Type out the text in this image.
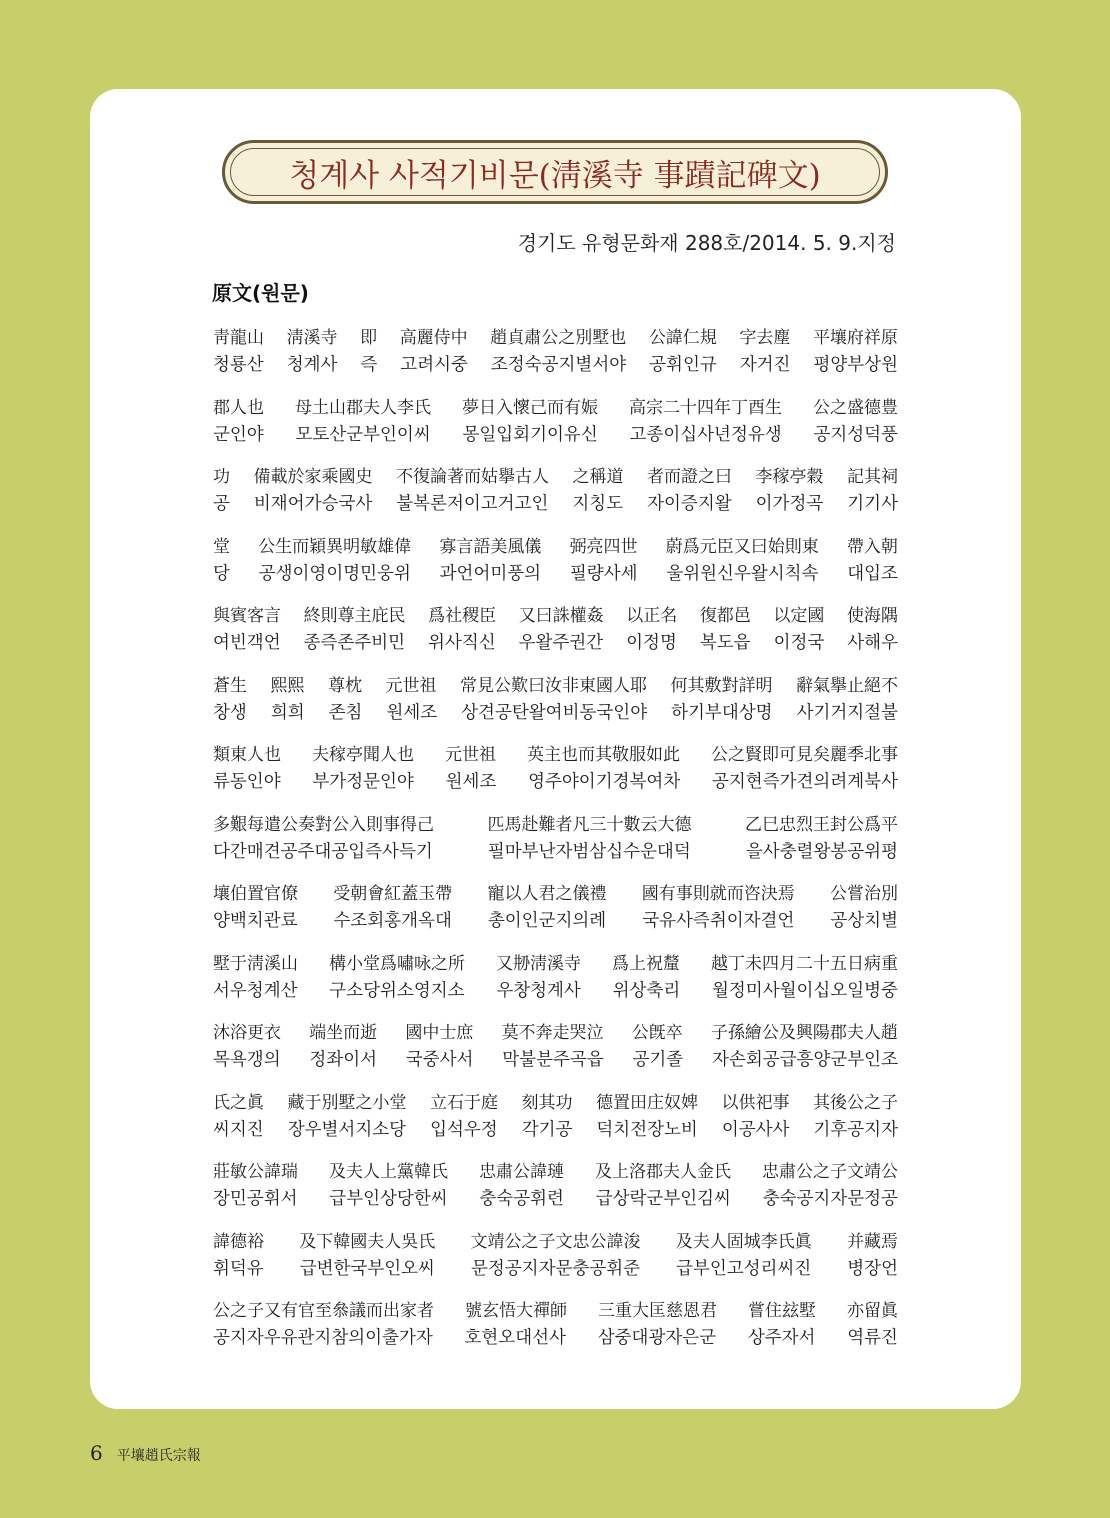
청계사 사적기비문(淸溪寺 事蹟記碑文)
경기도 유형문화재 288호/2014. 5. 9.지정
原文(원문)
靑龍山 淸溪寺 即 高麗侍中 趙貞肅公之別墅也 公諱仁規 字去塵 平壤府祥原
청룡산 청계사 즉 고려시중 조정숙공지별서야 공휘인규 자거진 평양부상원
郡人也 母土山郡夫人李氏 夢日入懷己而有娠 高宗二十四年丁酉生 公之盛德豊
군인야 모토산군부인이씨 몽일입회기이유신 고종이십사년정유생 공지성덕풍
功 備載於家乘國史 不復論著而姑擧古人 之稱道 者而證之曰 李稼亭穀 記其祠
공 비재어가승국사 불복론저이고거고인 지칭도 자이증지왈 이가정곡 기기사
堂 公生而穎異明敏雄偉 寡言語美風儀 弼亮四世 蔚爲元臣又曰始則東 帶入朝
당 공생이영이명민웅위 과언어미풍의 필량사세 울위원신우왈시칙속 대입조
與賓客言 終則尊主庇民 爲社稷臣 又曰誅權姦 以正名 復都邑 以定國 使海隅
여빈객언 종즉존주비민 위사직신 우왈주권간 이정명 복도읍 이정국 사해우
蒼生 熙熙 尊枕 元世祖 常見公歎曰汝非東國人耶 何其敷對詳明 辭氣擧止絕不
창생 희희 존침 원세조 상견공탄왈여비동국인야 하기부대상명 사기거지절불
類東人也 夫稼亭聞人也 元世祖 英主也而其敬服如此 公之賢即可見矣麗季北事
류동인야 부가정문인야 원세조 영주야이기경복여차 공지현즉가견의려계북사
多艱每遣公奏對公入則事得己	匹馬赴難者凡三十數云大德	乙巳忠烈王封公爲平
다간매견공주대공입즉사득기	필마부난자범삼십수운대덕	을사충렬왕봉공위평
壤伯置官僚 受朝會紅蓋玉帶 寵以人君之儀禮 國有事則就而咨決焉 公嘗治別
양백치관료 수조회홍개옥대 총이인군지의례 국유사즉취이자결언 공상치별
墅于淸溪山 構小堂爲嘯咏之所 又刱淸溪寺 爲上祝釐 越丁未四月二十五日病重
서우청계산 구소당위소영지소 우창청계사 위상축리 월정미사월이십오일병중
沐浴更衣 端坐而逝 國中士庶 莫不奔走哭泣 公旣卒 子孫繪公及興陽郡夫人趙
목욕갱의 정좌이서 국중사서 막불분주곡읍 공기졸 자손회공급흥양군부인조
氏之眞 藏于別墅之小堂 立石于庭 刻其功 德置田庄奴婢 以供祀事 其後公之子
씨지진 장우별서지소당 입석우정 각기공 덕치전장노비 이공사사 기후공지자
莊敏公諱瑞 及夫人上黨韓氏 忠肅公諱璉 及上洛郡夫人金氏 忠肅公之子文靖公
장민공휘서 급부인상당한씨 충숙공휘련 급상락군부인김씨 충숙공지자문정공
諱德裕 及下韓國夫人吳氏 文靖公之子文忠公諱浚 及夫人固城李氏眞 并藏焉
휘덕유 급변한국부인오씨 문정공지자문충공휘준 급부인고성리씨진 병장언
公之子又有官至叅議而出家者 號玄悟大禪師 三重大匡慈恩君 嘗住玆墅 亦留眞
공지자우유관지참의이출가자 호현오대선사 삼중대광자은군 상주자서 역류진
6 平壤趙氏宗報
